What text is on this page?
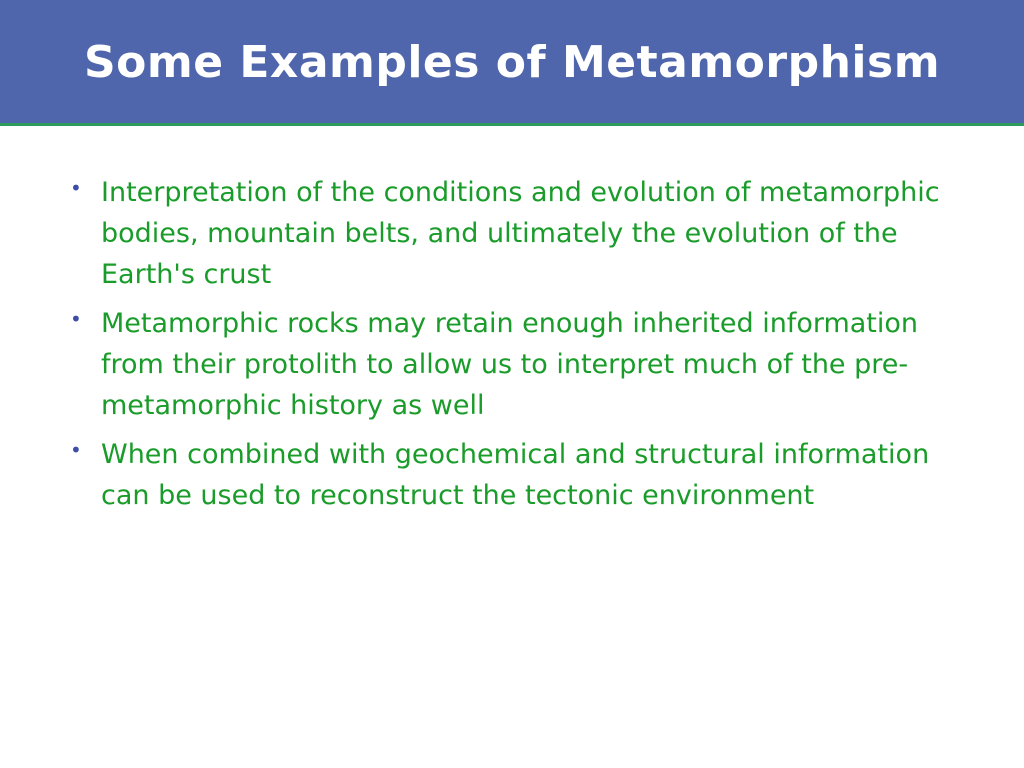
Some Examples of Metamorphism
• Interpretation of the conditions and evolution of metamorphic bodies, mountain belts, and ultimately the evolution of the Earth's crust
• Metamorphic rocks may retain enough inherited information from their protolith to allow us to interpret much of the pre-metamorphic history as well
• When combined with geochemical and structural information can be used to reconstruct the tectonic environment
